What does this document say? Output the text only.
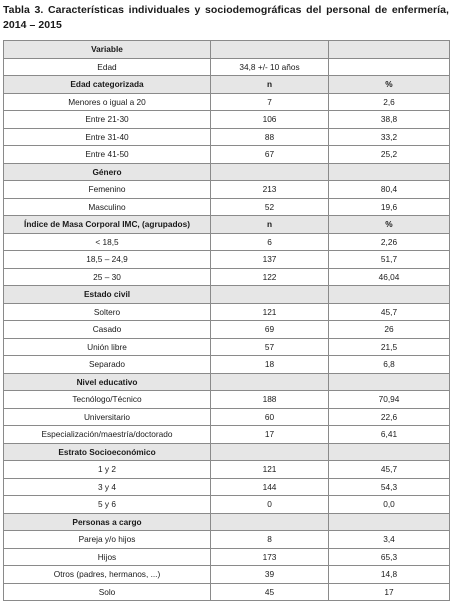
Tabla 3. Características individuales y sociodemográficas del personal de enfermería, 2014 – 2015
Variable		
Edad	34,8 +/- 10 años	
Edad categorizada	n	%
Menores o igual a 20	7	2,6
Entre 21-30	106	38,8
Entre 31-40	88	33,2
Entre 41-50	67	25,2
Género		
Femenino	213	80,4
Masculino	52	19,6
Índice de Masa Corporal IMC, (agrupados)	n	%
< 18,5	6	2,26
18,5 – 24,9	137	51,7
25 – 30	122	46,04
Estado civil		
Soltero	121	45,7
Casado	69	26
Unión libre	57	21,5
Separado	18	6,8
Nivel educativo		
Tecnólogo/Técnico	188	70,94
Universitario	60	22,6
Especialización/maestría/doctorado	17	6,41
Estrato Socioeconómico		
1 y 2	121	45,7
3 y 4	144	54,3
5 y 6	0	0,0
Personas a cargo		
Pareja y/o hijos	8	3,4
Hijos	173	65,3
Otros (padres, hermanos, ...)	39	14,8
Solo	45	17
